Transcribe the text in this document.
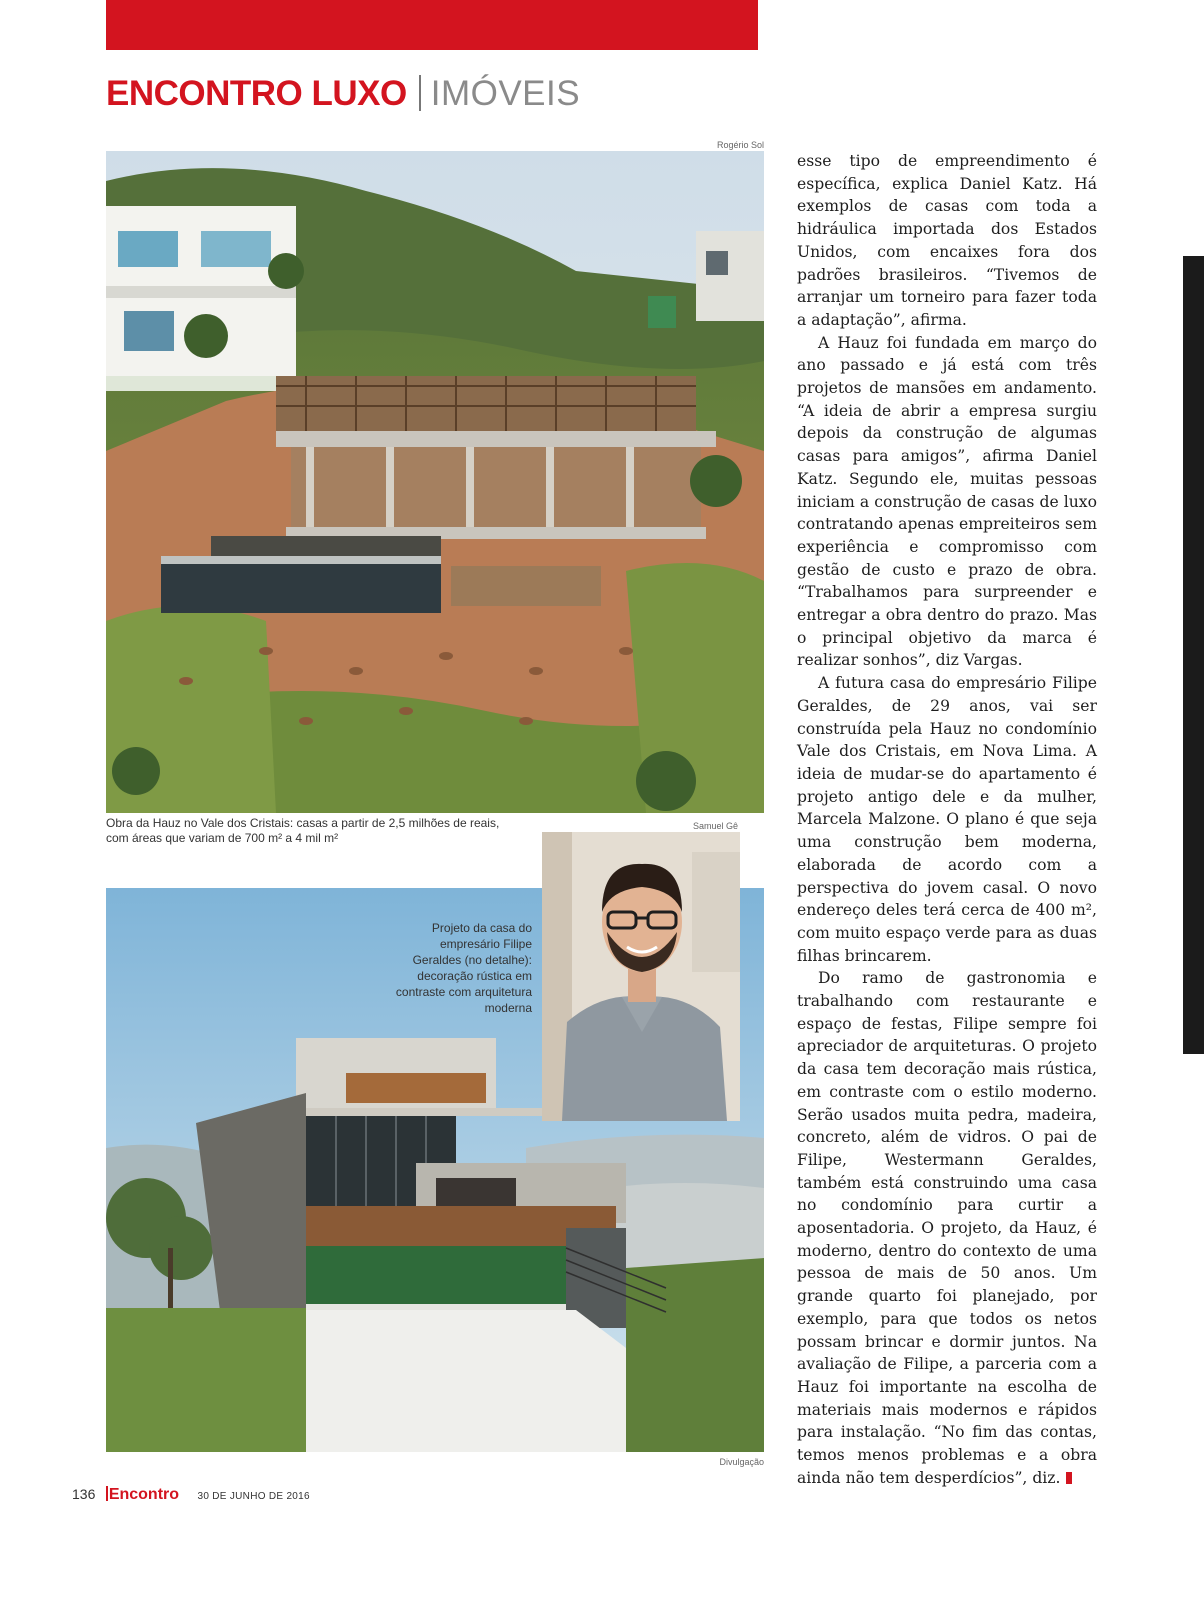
ENCONTRO LUXO IMÓVEIS
Rogério Sol
Obra da Hauz no Vale dos Cristais: casas a partir de 2,5 milhões de reais, com áreas que variam de 700 m² a 4 mil m²
Samuel Gê
Projeto da casa do empresário Filipe Geraldes (no detalhe): decoração rústica em contraste com arquitetura moderna
Divulgação

esse tipo de empreendimento é específica, explica Daniel Katz. Há exemplos de casas com toda a hidráulica importada dos Estados Unidos, com encaixes fora dos padrões brasileiros. “Tivemos de arranjar um torneiro para fazer toda a adaptação”, afirma.

A Hauz foi fundada em março do ano passado e já está com três projetos de mansões em andamento. “A ideia de abrir a empresa surgiu depois da construção de algumas casas para amigos”, afirma Daniel Katz. Segundo ele, muitas pessoas iniciam a construção de casas de luxo contratando apenas empreiteiros sem experiência e compromisso com gestão de custo e prazo de obra. “Trabalhamos para surpreender e entregar a obra dentro do prazo. Mas o principal objetivo da marca é realizar sonhos”, diz Vargas.

A futura casa do empresário Filipe Geraldes, de 29 anos, vai ser construída pela Hauz no condomínio Vale dos Cristais, em Nova Lima. A ideia de mudar-se do apartamento é projeto antigo dele e da mulher, Marcela Malzone. O plano é que seja uma construção bem moderna, elaborada de acordo com a perspectiva do jovem casal. O novo endereço deles terá cerca de 400 m², com muito espaço verde para as duas filhas brincarem.

Do ramo de gastronomia e trabalhando com restaurante e espaço de festas, Filipe sempre foi apreciador de arquiteturas. O projeto da casa tem decoração mais rústica, em contraste com o estilo moderno. Serão usados muita pedra, madeira, concreto, além de vidros. O pai de Filipe, Westermann Geraldes, também está construindo uma casa no condomínio para curtir a aposentadoria. O projeto, da Hauz, é moderno, dentro do contexto de uma pessoa de mais de 50 anos. Um grande quarto foi planejado, por exemplo, para que todos os netos possam brincar e dormir juntos. Na avaliação de Filipe, a parceria com a Hauz foi importante na escolha de materiais mais modernos e rápidos para instalação. “No fim das contas, temos menos problemas e a obra ainda não tem desperdícios”, diz.

136 Encontro 30 DE JUNHO DE 2016
